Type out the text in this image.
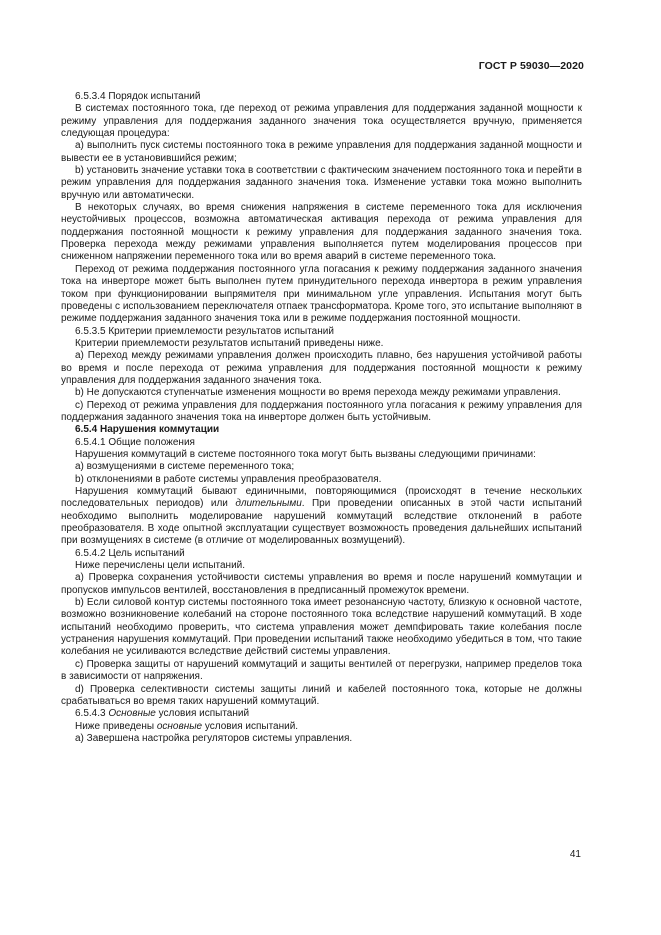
ГОСТ Р 59030—2020

6.5.3.4 Порядок испытаний

В системах постоянного тока, где переход от режима управления для поддержания заданной мощности к режиму управления для поддержания заданного значения тока осуществляется вручную, применяется следующая процедура:

a) выполнить пуск системы постоянного тока в режиме управления для поддержания заданной мощности и вывести ее в установившийся режим;

b) установить значение уставки тока в соответствии с фактическим значением постоянного тока и перейти в режим управления для поддержания заданного значения тока. Изменение уставки тока можно выполнить вручную или автоматически.

В некоторых случаях, во время снижения напряжения в системе переменного тока для исключения неустойчивых процессов, возможна автоматическая активация перехода от режима управления для поддержания постоянной мощности к режиму управления для поддержания заданного значения тока. Проверка перехода между режимами управления выполняется путем моделирования процессов при сниженном напряжении переменного тока или во время аварий в системе переменного тока.

Переход от режима поддержания постоянного угла погасания к режиму поддержания заданного значения тока на инверторе может быть выполнен путем принудительного перехода инвертора в режим управления током при функционировании выпрямителя при минимальном угле управления. Испытания могут быть проведены с использованием переключателя отпаек трансформатора. Кроме того, это испытание выполняют в режиме поддержания заданного значения тока или в режиме поддержания постоянной мощности.

6.5.3.5 Критерии приемлемости результатов испытаний

Критерии приемлемости результатов испытаний приведены ниже.

a) Переход между режимами управления должен происходить плавно, без нарушения устойчивой работы во время и после перехода от режима управления для поддержания постоянной мощности к режиму управления для поддержания заданного значения тока.

b) Не допускаются ступенчатые изменения мощности во время перехода между режимами управления.

c) Переход от режима управления для поддержания постоянного угла погасания к режиму управления для поддержания заданного значения тока на инверторе должен быть устойчивым.

6.5.4 Нарушения коммутации

6.5.4.1 Общие положения

Нарушения коммутаций в системе постоянного тока могут быть вызваны следующими причинами:

a) возмущениями в системе переменного тока;

b) отклонениями в работе системы управления преобразователя.

Нарушения коммутаций бывают единичными, повторяющимися (происходят в течение нескольких последовательных периодов) или длительными. При проведении описанных в этой части испытаний необходимо выполнить моделирование нарушений коммутаций вследствие отклонений в работе преобразователя. В ходе опытной эксплуатации существует возможность проведения дальнейших испытаний при возмущениях в системе (в отличие от моделированных возмущений).

6.5.4.2 Цель испытаний

Ниже перечислены цели испытаний.

a) Проверка сохранения устойчивости системы управления во время и после нарушений коммутации и пропусков импульсов вентилей, восстановления в предписанный промежуток времени.

b) Если силовой контур системы постоянного тока имеет резонансную частоту, близкую к основной частоте, возможно возникновение колебаний на стороне постоянного тока вследствие нарушений коммутаций. В ходе испытаний необходимо проверить, что система управления может демпфировать такие колебания после устранения нарушения коммутаций. При проведении испытаний также необходимо убедиться в том, что такие колебания не усиливаются вследствие действий системы управления.

c) Проверка защиты от нарушений коммутаций и защиты вентилей от перегрузки, например пределов тока в зависимости от напряжения.

d) Проверка селективности системы защиты линий и кабелей постоянного тока, которые не должны срабатываться во время таких нарушений коммутаций.

6.5.4.3 Основные условия испытаний

Ниже приведены основные условия испытаний.

a) Завершена настройка регуляторов системы управления.

41
